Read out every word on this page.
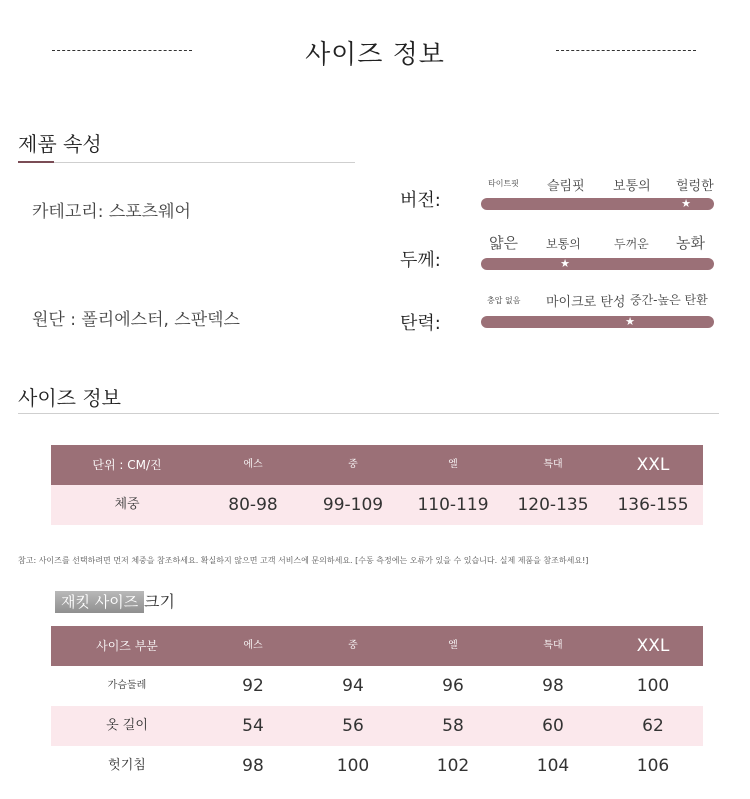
사이즈 정보
제품 속성
카테고리: 스포츠웨어
원단 : 폴리에스터, 스판덱스
버전:
타이트핏 슬림핏 보통의 헐렁한
★
두께:
얇은 보통의	두꺼운 농화
★
탄력:
충압 없음 마이크로 탄성 중간-높은 탄환
★
사이즈 정보
단위 : CM/진	에스	중	엘	특대	XXL
체중	80-98	99-109	110-119	120-135	136-155
참고: 사이즈를 선택하려면 먼저 체중을 참조하세요. 확실하지 않으면 고객 서비스에 문의하세요. [수동 측정에는 오류가 있을 수 있습니다. 실제 제품을 참조하세요!]
재킷 사이즈 크기
사이즈 부분	에스	중	엘	특대	XXL
가슴둘레	92	94	96	98	100
옷 길이	54	56	58	60	62
헛기침	98	100	102	104	106
